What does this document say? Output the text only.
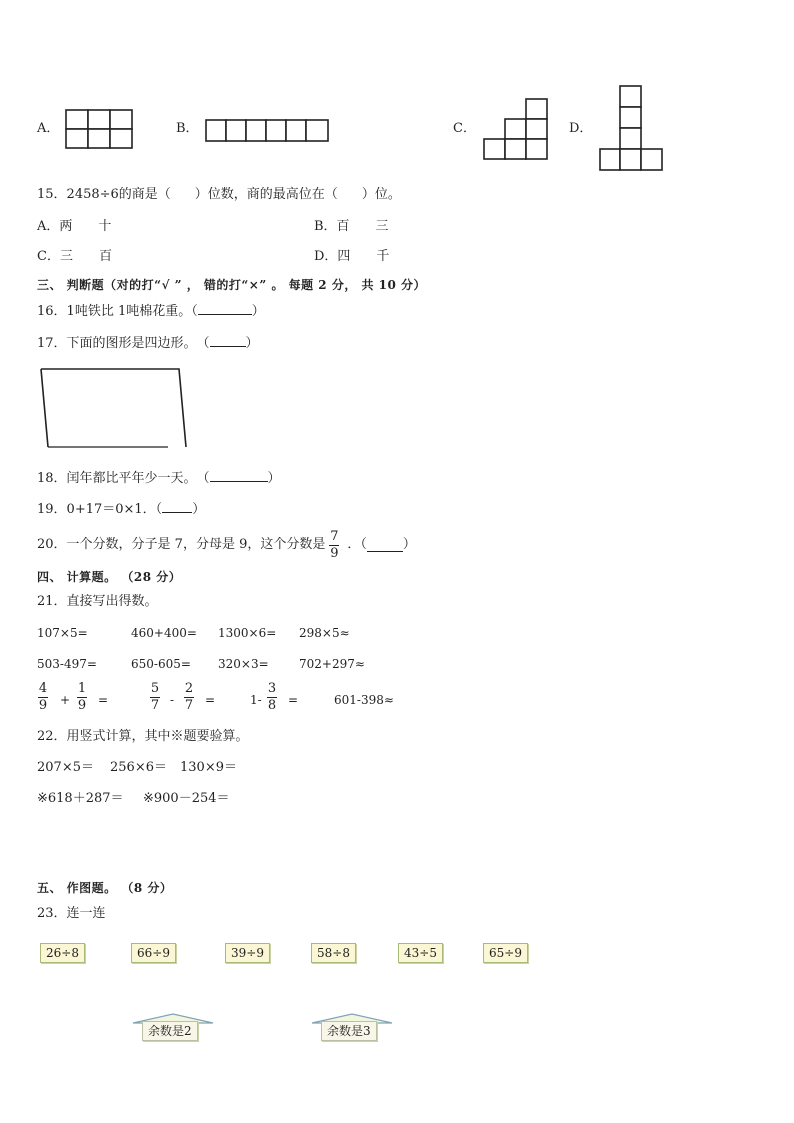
A．	B．	C．	D．
15．2458÷6的商是（ ）位数，商的最高位在（ ）位。
A．两　　十	B．百　　三
C．三　　百	D．四　　千
三、 判断题（对的打“√ ” ， 错的打“×” 。 每题 2 分， 共 10 分）
16．1吨铁比 1吨棉花重。（	）
17．下面的图形是四边形。　（	）
18．闰年都比平年少一天。　（	）
19．0+17＝0×1．（ ）
20．一个分数，分子是 7，分母是 9，这个分数是 $\frac{7}{9}$ ．（	）
四、 计算题。 （28 分）
21．直接写出得数。
107×5=	460+400= 1300×6= 298×5≈
503-497=	650-605= 320×3=	702+297≈
$\frac{4}{9} + \frac{1}{9}$ =	$\frac{5}{7} - \frac{2}{7}$ =	$1- \frac{3}{8}$ =	601-398≈
22．用竖式计算，其中※题要验算。
207×5＝ 256×6＝ 130×9＝
※618＋287＝ ※900－254＝
五、 作图题。 （8 分）
23．连一连
26÷8	66÷9	39÷9	58÷8	43÷5	65÷9
余数是2	余数是3
